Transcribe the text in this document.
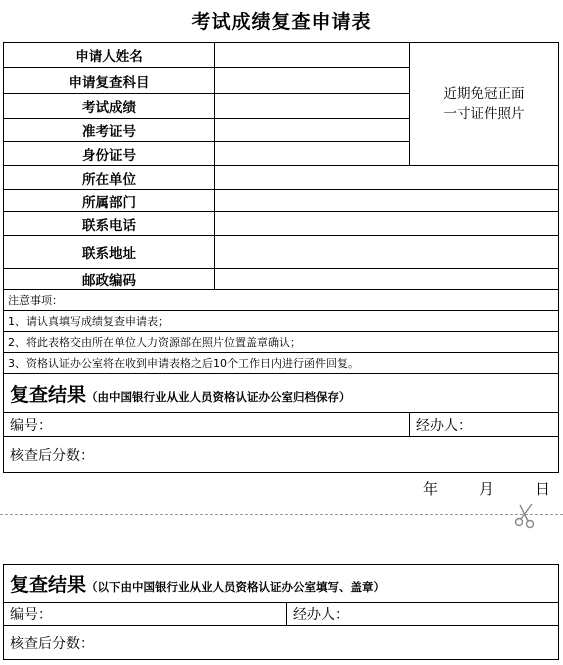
考试成绩复查申请表
申请人姓名		近期免冠正面
一寸证件照片

申请复查科目		
考试成绩		
准考证号		
身份证号		
所在单位		
所属部门		
联系电话		
联系地址		
邮政编码		
注意事项：		
1、请认真填写成绩复查申请表；		
2、将此表格交由所在单位人力资源部在照片位置盖章确认；		
3、资格认证办公室将在收到申请表格之后10个工作日内进行函件回复。		
复查结果（由中国银行业从业人员资格认证办公室归档保存）		
编号：		经办人：
核查后分数：		
年	月	日
复查结果（以下由中国银行业从业人员资格认证办公室填写、盖章）
编号：	经办人：
核查后分数：
